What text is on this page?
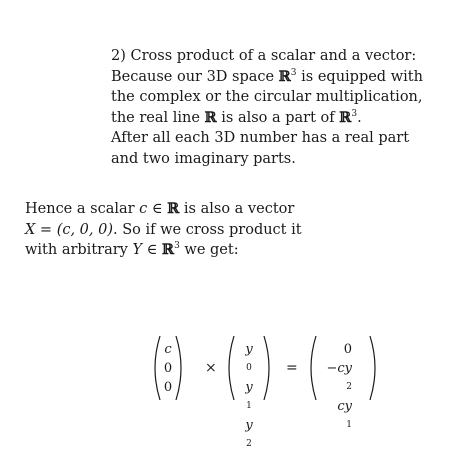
2) Cross product of a scalar and a vector:
Because our 3D space ℝ$^3$ is equipped with
the complex or the circular multiplication,
the real line ℝ is also a part of ℝ$^3$.
After all each 3D number has a real part
and two imaginary parts.
Hence a scalar c ∈ ℝ is also a vector
X = (c, 0, 0). So if we cross product it
with arbitrary Y ∈ ℝ$^3$ we get:
c
0
0
×
y
0
y
1
y
2
=
0
−cy
2
cy
1
